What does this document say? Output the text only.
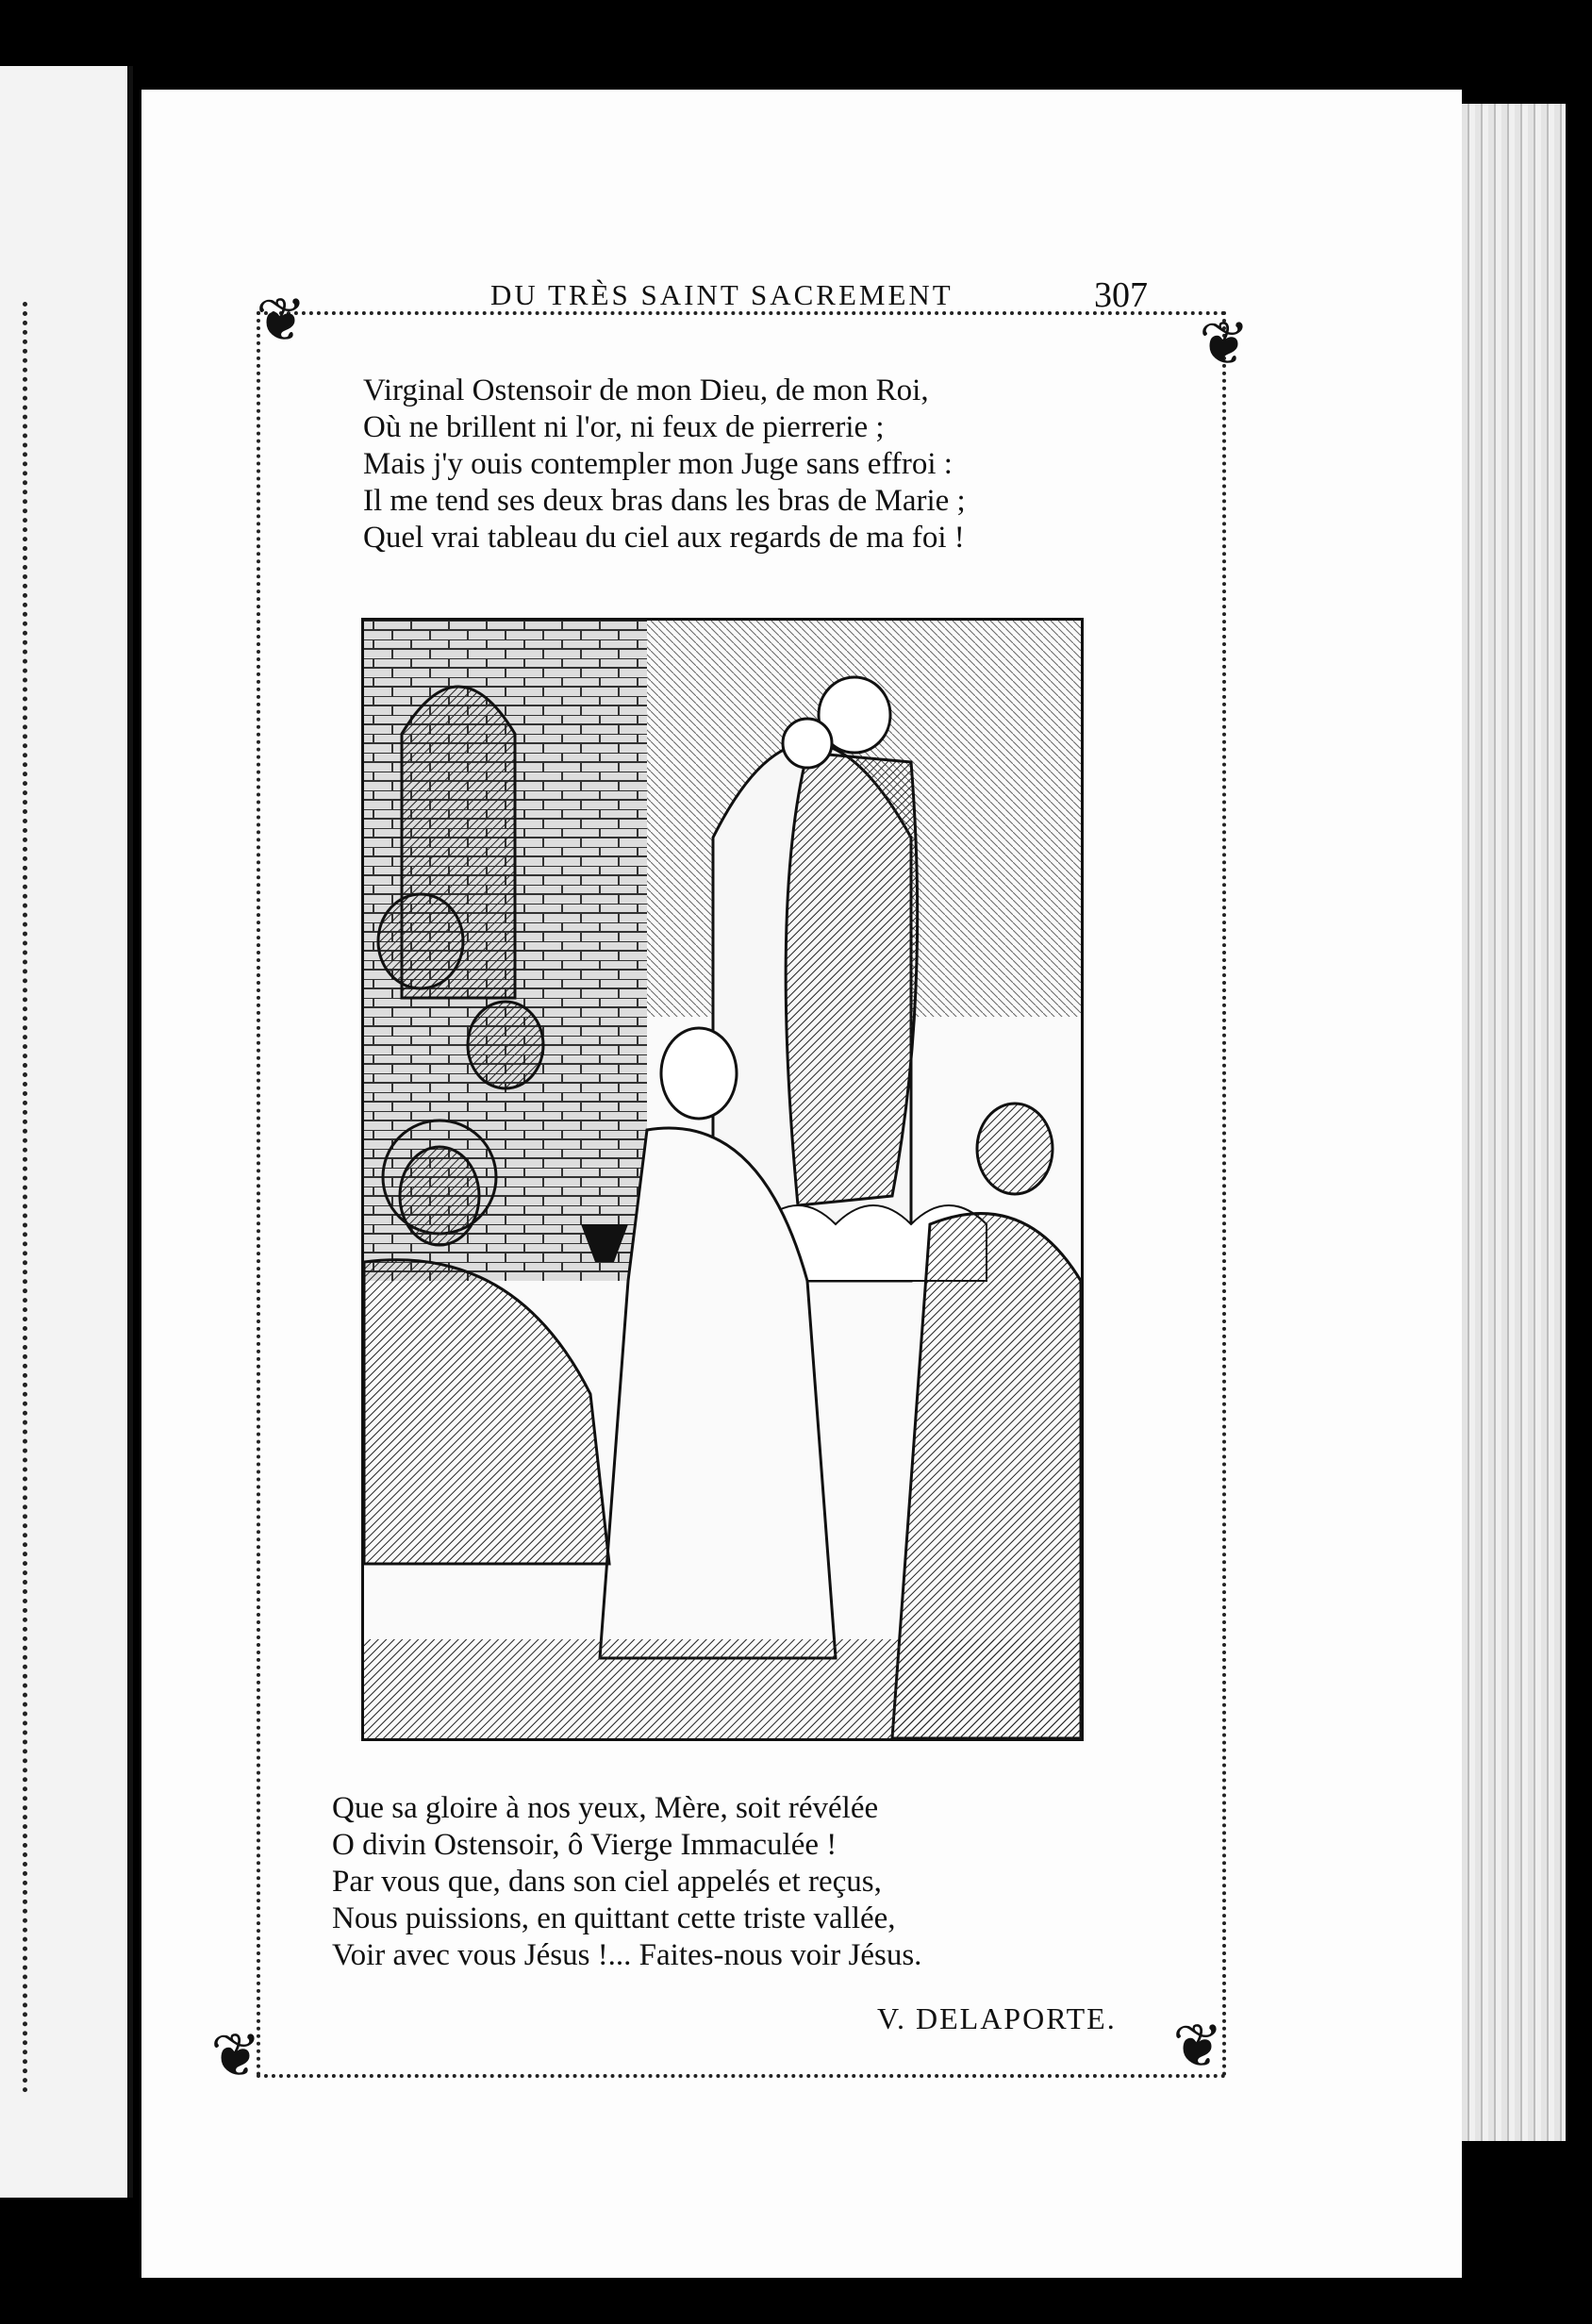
DU TRÈS SAINT SACREMENT	307
❦	❦
❦	❦
Virginal Ostensoir de mon Dieu, de mon Roi,
Où ne brillent ni l'or, ni feux de pierrerie ;
Mais j'y ouis contempler mon Juge sans effroi :
Il me tend ses deux bras dans les bras de Marie ;
Quel vrai tableau du ciel aux regards de ma foi !
Que sa gloire à nos yeux, Mère, soit révélée
O divin Ostensoir, ô Vierge Immaculée !
Par vous que, dans son ciel appelés et reçus,
Nous puissions, en quittant cette triste vallée,
Voir avec vous Jésus !... Faites-nous voir Jésus.
V. DELAPORTE.
